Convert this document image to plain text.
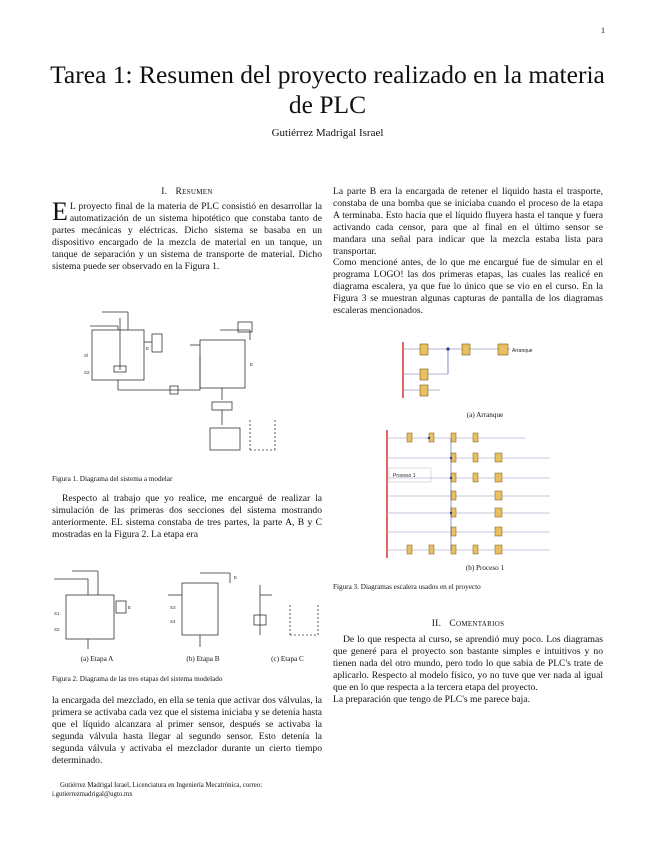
1
Tarea 1: Resumen del proyecto realizado en la materia de PLC
Gutiérrez Madrigal Israel
I. Resumen

E L proyecto final de la materia de PLC consistió en desarrollar la automatización de un sistema hipotético que constaba tanto de partes mecánicas y eléctricas. Dicho sistema se basaba en un dispositivo encargado de la mezcla de material en un tanque, un tanque de separación y un sistema de transporte de material. Dicho sistema puede ser observado en la Figura 1.

Sl
S2
E
E
Figura 1. Diagrama del sistema a modelar

Respecto al trabajo que yo realice, me encargué de realizar la simulación de las primeras dos secciones del sistema mostrando anteriormente. EL sistema constaba de tres partes, la parte A, B y C mostradas en la Figura 2. La etapa era

S1
S2
E
E
S3
S4
(a) Etapa A	(b) Etapa B	(c) Etapa C
Figura 2. Diagrama de las tres etapas del sistema modelado

la encargada del mezclado, en ella se tenia que activar dos válvulas, la primera se activaba cada vez que el sistema iniciaba y se detenía hasta que el líquido alcanzara al primer sensor, después se activaba la segunda válvula hasta llegar al segundo sensor. Esto detenía la segunda válvula y activaba el mezclador durante un cierto tiempo determinado.

Gutiérrez Madrigal Israel, Licenciatura en Ingeniería Mecatrónica, correo: i.gutierrezmadrigal@ugto.mx

La parte B era la encargada de retener el líquido hasta el trasporte, constaba de una bomba que se iniciaba cuando el proceso de la etapa A terminaba. Esto hacía que el líquido fluyera hasta el tanque y fuera activando cada censor, para que al final en el último sensor se mandara una señal para indicar que la mezcla estaba lista para transportar.

Como mencioné antes, de lo que me encargué fue de simular en el programa LOGO! las dos primeras etapas, las cuales las realicé en diagrama escalera, ya que fue lo único que se vio en el curso. En la Figura 3 se muestran algunas capturas de pantalla de los diagramas escaleras mencionados.

Arranque
(a) Arranque
Proceso 1
(b) Proceso 1
Figura 3. Diagramas escalera usados en el proyecto
II. Comentarios

De lo que respecta al curso, se aprendió muy poco. Los diagramas que generé para el proyecto son bastante simples e intuitivos y no tienen nada del otro mundo, pero todo lo que sabía de PLC's trate de aplicarlo. Respecto al modelo físico, yo no tuve que ver nada al igual que en lo que respecta a la tercera etapa del proyecto.

La preparación que tengo de PLC's me parece baja.
